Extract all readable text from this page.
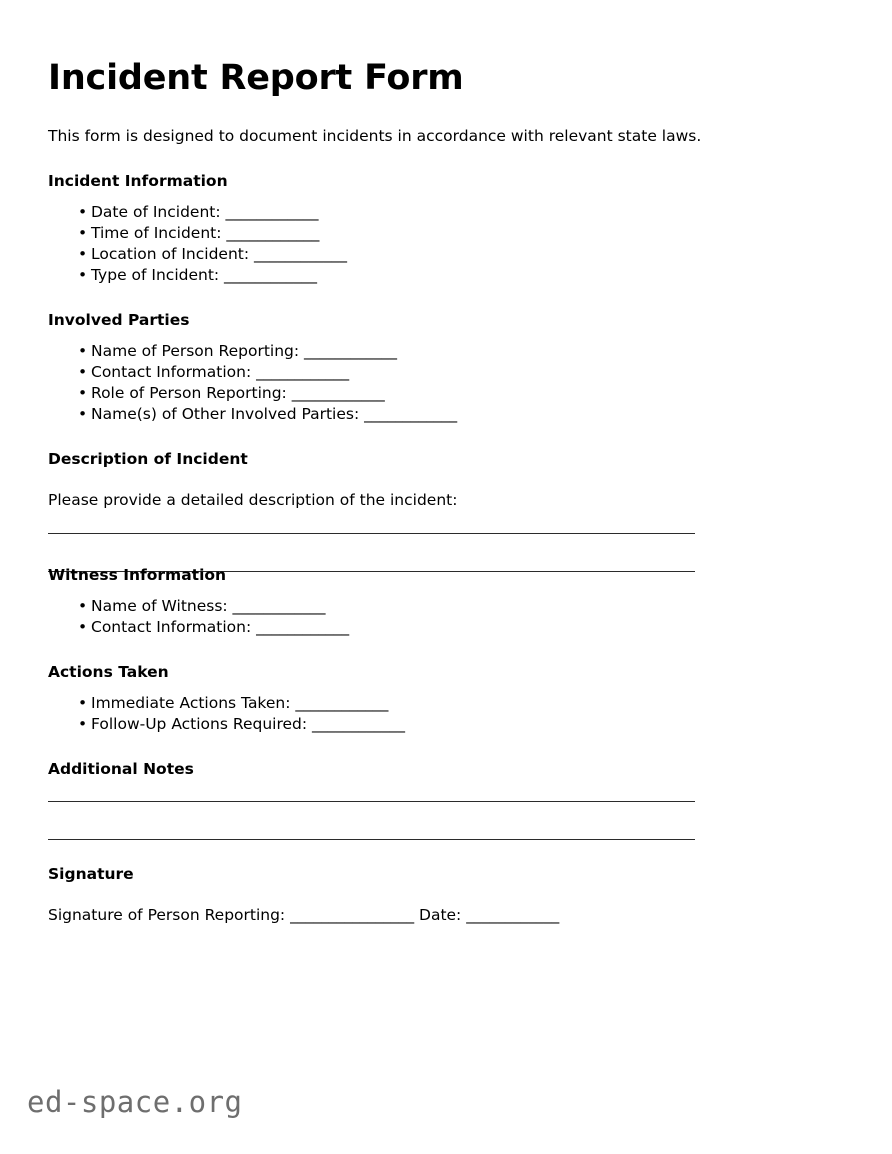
Incident Report Form

This form is designed to document incidents in accordance with relevant state laws.

Incident Information
• Date of Incident: ____________
• Time of Incident: ____________
• Location of Incident: ____________
• Type of Incident: ____________
Involved Parties
• Name of Person Reporting: ____________
• Contact Information: ____________
• Role of Person Reporting: ____________
• Name(s) of Other Involved Parties: ____________
Description of Incident

Please provide a detailed description of the incident:

Witness Information
• Name of Witness: ____________
• Contact Information: ____________
Actions Taken
• Immediate Actions Taken: ____________
• Follow-Up Actions Required: ____________
Additional Notes
Signature

Signature of Person Reporting: ________________ Date: ____________

ed-space.org
